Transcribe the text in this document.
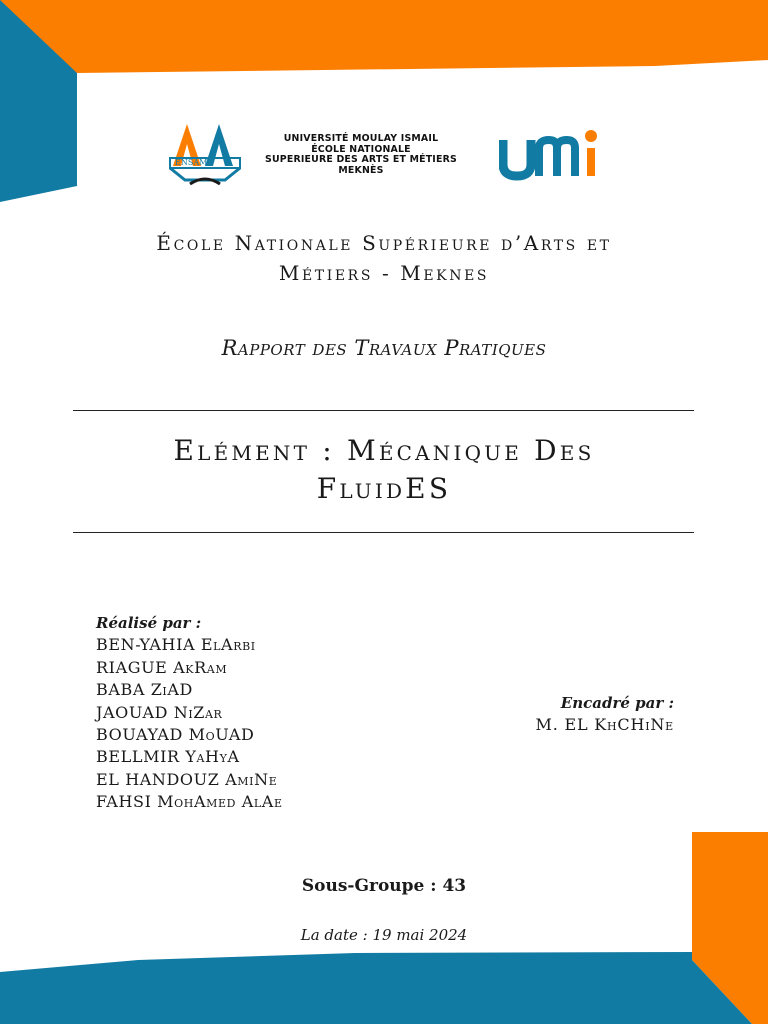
ENSAM
UNIVERSITÉ MOULAY ISMAIL
ÉCOLE NATIONALE
SUPERIEURE DES ARTS ET MÉTIERS
MEKNÈS
École Nationale Supérieure d’Arts et
Métiers - Meknes
Rapport des Travaux Pratiques
Elément : Mécanique Des
FluidES
Réalisé par :
BEN-YAHIA ElArbi
RIAGUE AkRam
BABA ZiAD
JAOUAD NiZar
BOUAYAD MoUAD
BELLMIR YaHyA
EL HANDOUZ AmiNe
FAHSI MohAmed AlAe
Encadré par :
M. EL KhCHiNe
Sous-Groupe : 43
La date : 19 mai 2024
